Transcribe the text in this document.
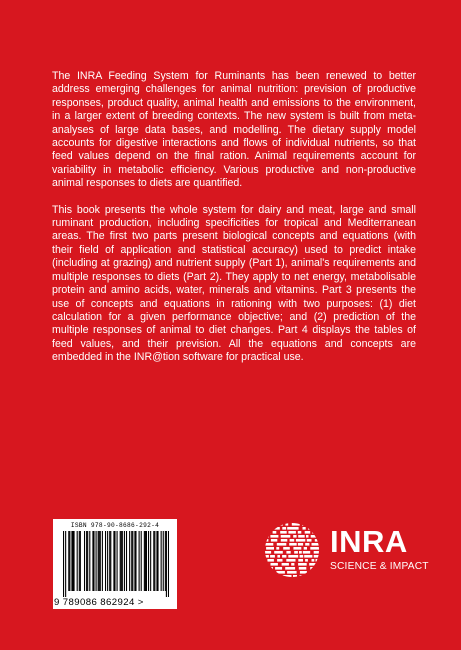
The INRA Feeding System for Ruminants has been renewed to better address emerging challenges for animal nutrition: prevision of productive responses, product quality, animal health and emissions to the environment, in a larger extent of breeding contexts. The new system is built from meta-analyses of large data bases, and modelling. The dietary supply model accounts for digestive interactions and flows of individual nutrients, so that feed values depend on the final ration. Animal requirements account for variability in metabolic efficiency. Various productive and non-productive animal responses to diets are quantified.

This book presents the whole system for dairy and meat, large and small ruminant production, including specificities for tropical and Mediterranean areas. The first two parts present biological concepts and equations (with their field of application and statistical accuracy) used to predict intake (including at grazing) and nutrient supply (Part 1), animal's requirements and multiple responses to diets (Part 2). They apply to net energy, metabolisable protein and amino acids, water, minerals and vitamins. Part 3 presents the use of concepts and equations in rationing with two purposes: (1) diet calculation for a given performance objective; and (2) prediction of the multiple responses of animal to diet changes. Part 4 displays the tables of feed values, and their prevision. All the equations and concepts are embedded in the INR@tion software for practical use.

ISBN 978-90-8686-292-4
9 789086 862924 >
INRA
SCIENCE & IMPACT
